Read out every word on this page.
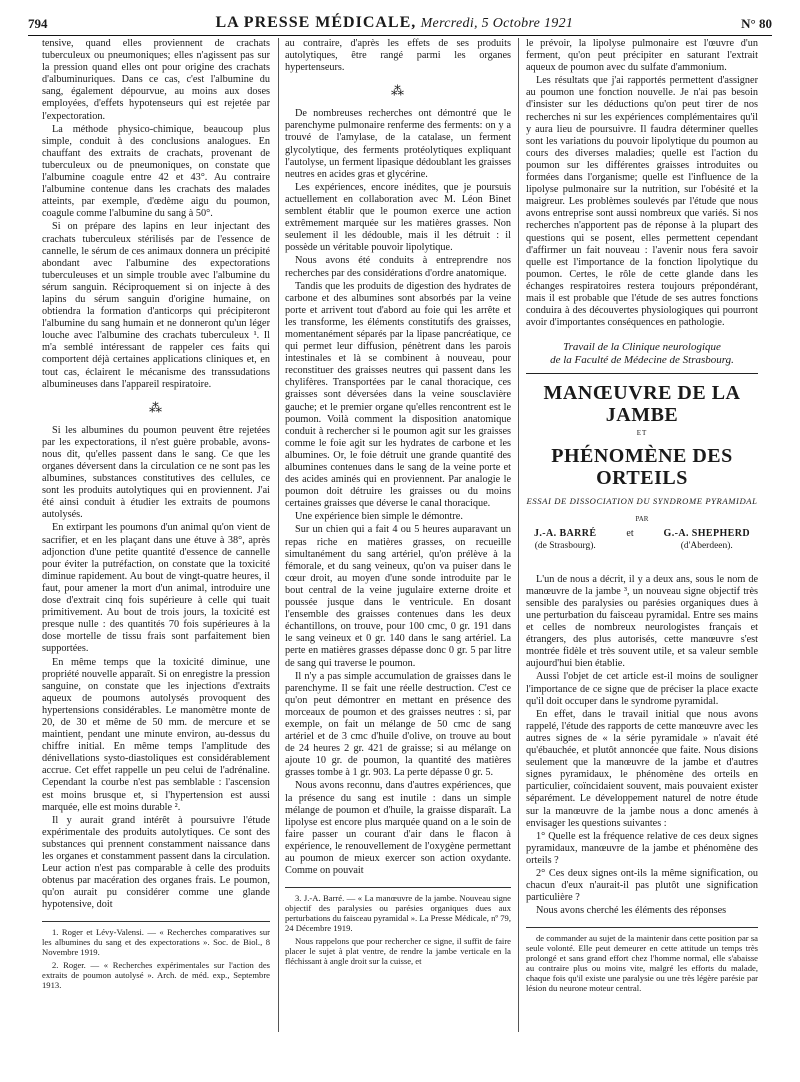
794	LA PRESSE MÉDICALE, Mercredi, 5 Octobre 1921	N° 80

tensive, quand elles proviennent de crachats tuberculeux ou pneumoniques; elles n'agissent pas sur la pression quand elles ont pour origine des crachats d'albuminuriques. Dans ce cas, c'est l'albumine du sang, également dépourvue, au moins aux doses employées, d'effets hypotenseurs qui est rejetée par l'expectoration.

La méthode physico-chimique, beaucoup plus simple, conduit à des conclusions analogues. En chauffant des extraits de crachats, provenant de tuberculeux ou de pneumoniques, on constate que l'albumine coagule entre 42 et 43°. Au contraire l'albumine contenue dans les crachats des malades atteints, par exemple, d'œdème aigu du poumon, coagule comme l'albumine du sang à 50°.

Si on prépare des lapins en leur injectant des crachats tuberculeux stérilisés par de l'essence de cannelle, le sérum de ces animaux donnera un précipité abondant avec l'albumine des expectorations tuberculeuses et un simple trouble avec l'albumine du sérum sanguin. Réciproquement si on injecte à des lapins du sérum sanguin d'origine humaine, on obtiendra la formation d'anticorps qui précipiteront l'albumine du sang humain et ne donneront qu'un léger louche avec l'albumine des crachats tuberculeux ¹. Il m'a semblé intéressant de rappeler ces faits qui comportent déjà certaines applications cliniques et, en tout cas, éclairent le mécanisme des transsudations albumineuses dans l'appareil respiratoire.

⁂

Si les albumines du poumon peuvent être rejetées par les expectorations, il n'est guère probable, avons-nous dit, qu'elles passent dans le sang. Ce que les organes déversent dans la circulation ce ne sont pas les albumines, substances constitutives des cellules, ce sont les produits autolytiques qui en proviennent. J'ai été ainsi conduit à étudier les extraits de poumons autolysés.

En extirpant les poumons d'un animal qu'on vient de sacrifier, et en les plaçant dans une étuve à 38°, après adjonction d'une petite quantité d'essence de cannelle pour éviter la putréfaction, on constate que la toxicité diminue rapidement. Au bout de vingt-quatre heures, il faut, pour amener la mort d'un animal, introduire une dose d'extrait cinq fois supérieure à celle qui tuait primitivement. Au bout de trois jours, la toxicité est presque nulle : des quantités 70 fois supérieures à la dose mortelle de tissu frais sont parfaitement bien supportées.

En même temps que la toxicité diminue, une propriété nouvelle apparaît. Si on enregistre la pression sanguine, on constate que les injections d'extraits aqueux de poumons autolysés provoquent des hypertensions considérables. Le manomètre monte de 20, de 30 et même de 50 mm. de mercure et se maintient, pendant une minute environ, au-dessus du chiffre initial. En même temps l'amplitude des dénivellations systo-diastoliques est considérablement accrue. Cet effet rappelle un peu celui de l'adrénaline. Cependant la courbe n'est pas semblable : l'ascension est moins brusque et, si l'hypertension est aussi marquée, elle est moins durable ².

Il y aurait grand intérêt à poursuivre l'étude expérimentale des produits autolytiques. Ce sont des substances qui prennent constamment naissance dans les organes et constamment passent dans la circulation. Leur action n'est pas comparable à celle des produits obtenus par macération des organes frais. Le poumon, qu'on aurait pu considérer comme une glande hypotensive, doit

1. Roger et Lévy-Valensi. — « Recherches comparatives sur les albumines du sang et des expectorations ». Soc. de Biol., 8 Novembre 1919.

2. Roger. — « Recherches expérimentales sur l'action des extraits de poumon autolysé ». Arch. de méd. exp., Septembre 1913.

au contraire, d'après les effets de ses produits autolytiques, être rangé parmi les organes hypertenseurs.

⁂

De nombreuses recherches ont démontré que le parenchyme pulmonaire renferme des ferments: on y a trouvé de l'amylase, de la catalase, un ferment glycolytique, des ferments protéolytiques expliquant l'autolyse, un ferment lipasique dédoublant les graisses neutres en acides gras et glycérine.

Les expériences, encore inédites, que je poursuis actuellement en collaboration avec M. Léon Binet semblent établir que le poumon exerce une action extrêmement marquée sur les matières grasses. Non seulement il les dédouble, mais il les détruit : il possède un véritable pouvoir lipolytique.

Nous avons été conduits à entreprendre nos recherches par des considérations d'ordre anatomique.

Tandis que les produits de digestion des hydrates de carbone et des albumines sont absorbés par la veine porte et arrivent tout d'abord au foie qui les arrête et les transforme, les éléments constitutifs des graisses, momentanément séparés par la lipase pancréatique, ce qui permet leur diffusion, pénètrent dans les parois intestinales et là se combinent à nouveau, pour reconstituer des graisses neutres qui passent dans les chylifères. Transportées par le canal thoracique, ces graisses sont déversées dans la veine sousclavière gauche; et le premier organe qu'elles rencontrent est le poumon. Voilà comment la disposition anatomique conduit à rechercher si le poumon agit sur les graisses comme le foie agit sur les hydrates de carbone et les albumines. Or, le foie détruit une grande quantité des albumines contenues dans le sang de la veine porte et des acides aminés qui en proviennent. Par analogie le poumon doit détruire les graisses ou du moins certaines graisses que déverse le canal thoracique.

Une expérience bien simple le démontre.

Sur un chien qui a fait 4 ou 5 heures auparavant un repas riche en matières grasses, on recueille simultanément du sang artériel, qu'on prélève à la fémorale, et du sang veineux, qu'on va puiser dans le cœur droit, au moyen d'une sonde introduite par le bout central de la veine jugulaire externe droite et poussée jusque dans le ventricule. En dosant l'ensemble des graisses contenues dans les deux échantillons, on trouve, pour 100 cmc, 0 gr. 191 dans le sang veineux et 0 gr. 140 dans le sang artériel. La perte en matières grasses dépasse donc 0 gr. 5 par litre de sang qui traverse le poumon.

Il n'y a pas simple accumulation de graisses dans le parenchyme. Il se fait une réelle destruction. C'est ce qu'on peut démontrer en mettant en présence des morceaux de poumon et des graisses neutres : si, par exemple, on fait un mélange de 50 cmc de sang artériel et de 3 cmc d'huile d'olive, on trouve au bout de 24 heures 2 gr. 421 de graisse; si au mélange on ajoute 10 gr. de poumon, la quantité des matières grasses tombe à 1 gr. 903. La perte dépasse 0 gr. 5.

Nous avons reconnu, dans d'autres expériences, que la présence du sang est inutile : dans un simple mélange de poumon et d'huile, la graisse disparaît. La lipolyse est encore plus marquée quand on a le soin de faire passer un courant d'air dans le flacon à expérience, le renouvellement de l'oxygène permettant au poumon de mieux exercer son action oxydante. Comme on pouvait

3. J.-A. Barré. — « La manœuvre de la jambe. Nouveau signe objectif des paralysies ou parésies organiques dues aux perturbations du faisceau pyramidal ». La Presse Médicale, nº 79, 24 Décembre 1919.

Nous rappelons que pour rechercher ce signe, il suffit de faire placer le sujet à plat ventre, de rendre la jambe verticale en la fléchissant à angle droit sur la cuisse, et

le prévoir, la lipolyse pulmonaire est l'œuvre d'un ferment, qu'on peut précipiter en saturant l'extrait aqueux de poumon avec du sulfate d'ammonium.

Les résultats que j'ai rapportés permettent d'assigner au poumon une fonction nouvelle. Je n'ai pas besoin d'insister sur les déductions qu'on peut tirer de nos recherches ni sur les expériences complémentaires qu'il y aura lieu de poursuivre. Il faudra déterminer quelles sont les variations du pouvoir lipolytique du poumon au cours des diverses maladies; quelle est l'action du poumon sur les différentes graisses introduites ou formées dans l'organisme; quelle est l'influence de la lipolyse pulmonaire sur la nutrition, sur l'obésité et la maigreur. Les problèmes soulevés par l'étude que nous avons entreprise sont aussi nombreux que variés. Si nos recherches n'apportent pas de réponse à la plupart des questions qui se posent, elles permettent cependant d'affirmer un fait nouveau : l'avenir nous fera savoir quelle est l'importance de la fonction lipolytique du poumon. Certes, le rôle de cette glande dans les échanges respiratoires restera toujours prépondérant, mais il est probable que l'étude de ses autres fonctions conduira à des découvertes physiologiques qui pourront avoir d'importantes conséquences en pathologie.

Travail de la Clinique neurologique
de la Faculté de Médecine de Strasbourg.
MANŒUVRE DE LA JAMBE
ET
PHÉNOMÈNE DES ORTEILS
ESSAI DE DISSOCIATION DU SYNDROME PYRAMIDAL
PAR
J.-A. BARRÉ
(de Strasbourg).
et	G.-A. SHEPHERD
(d'Aberdeen).

L'un de nous a décrit, il y a deux ans, sous le nom de manœuvre de la jambe ³, un nouveau signe objectif très sensible des paralysies ou parésies organiques dues à une perturbation du faisceau pyramidal. Entre ses mains et celles de nombreux neurologistes français et étrangers, des plus autorisés, cette manœuvre s'est montrée fidèle et très souvent utile, et sa valeur semble aujourd'hui bien établie.

Aussi l'objet de cet article est-il moins de souligner l'importance de ce signe que de préciser la place exacte qu'il doit occuper dans le syndrome pyramidal.

En effet, dans le travail initial que nous avons rappelé, l'étude des rapports de cette manœuvre avec les autres signes de « la série pyramidale » n'avait été qu'ébauchée, et plutôt annoncée que faite. Nous disions seulement que la manœuvre de la jambe et d'autres signes pyramidaux, le phénomène des orteils en particulier, coïncidaient souvent, mais pouvaient exister séparément. Le développement naturel de notre étude sur la manœuvre de la jambe nous a donc amenés à envisager les questions suivantes :

1° Quelle est la fréquence relative de ces deux signes pyramidaux, manœuvre de la jambe et phénomène des orteils ?

2° Ces deux signes ont-ils la même signification, ou chacun d'eux n'aurait-il pas plutôt une signification particulière ?

Nous avons cherché les éléments des réponses

de commander au sujet de la maintenir dans cette position par sa seule volonté. Elle peut demeurer en cette attitude un temps très prolongé et sans grand effort chez l'homme normal, elle s'abaisse au contraire plus ou moins vite, malgré les efforts du malade, chaque fois qu'il existe une paralysie ou une très légère parésie par lésion du neurone moteur central.
